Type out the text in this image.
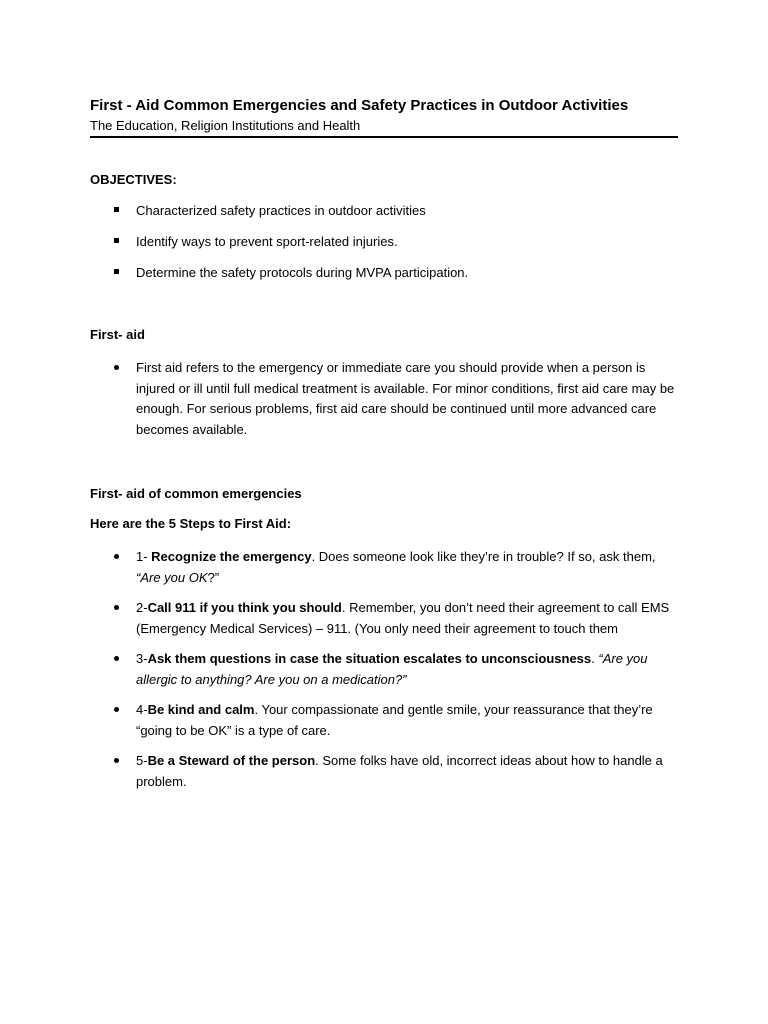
First - Aid Common Emergencies and Safety Practices in Outdoor Activities
The Education, Religion Institutions and Health
OBJECTIVES:
Characterized safety practices in outdoor activities
Identify ways to prevent sport-related injuries.
Determine the safety protocols during MVPA participation.
First- aid
First aid refers to the emergency or immediate care you should provide when a person is injured or ill until full medical treatment is available. For minor conditions, first aid care may be enough. For serious problems, first aid care should be continued until more advanced care becomes available.
First- aid of common emergencies
Here are the 5 Steps to First Aid:
1- Recognize the emergency. Does someone look like they’re in trouble? If so, ask them, “Are you OK?”
2-Call 911 if you think you should. Remember, you don’t need their agreement to call EMS (Emergency Medical Services) – 911. (You only need their agreement to touch them
3-Ask them questions in case the situation escalates to unconsciousness. “Are you allergic to anything? Are you on a medication?”
4-Be kind and calm. Your compassionate and gentle smile, your reassurance that they’re “going to be OK” is a type of care.
5-Be a Steward of the person. Some folks have old, incorrect ideas about how to handle a problem.
